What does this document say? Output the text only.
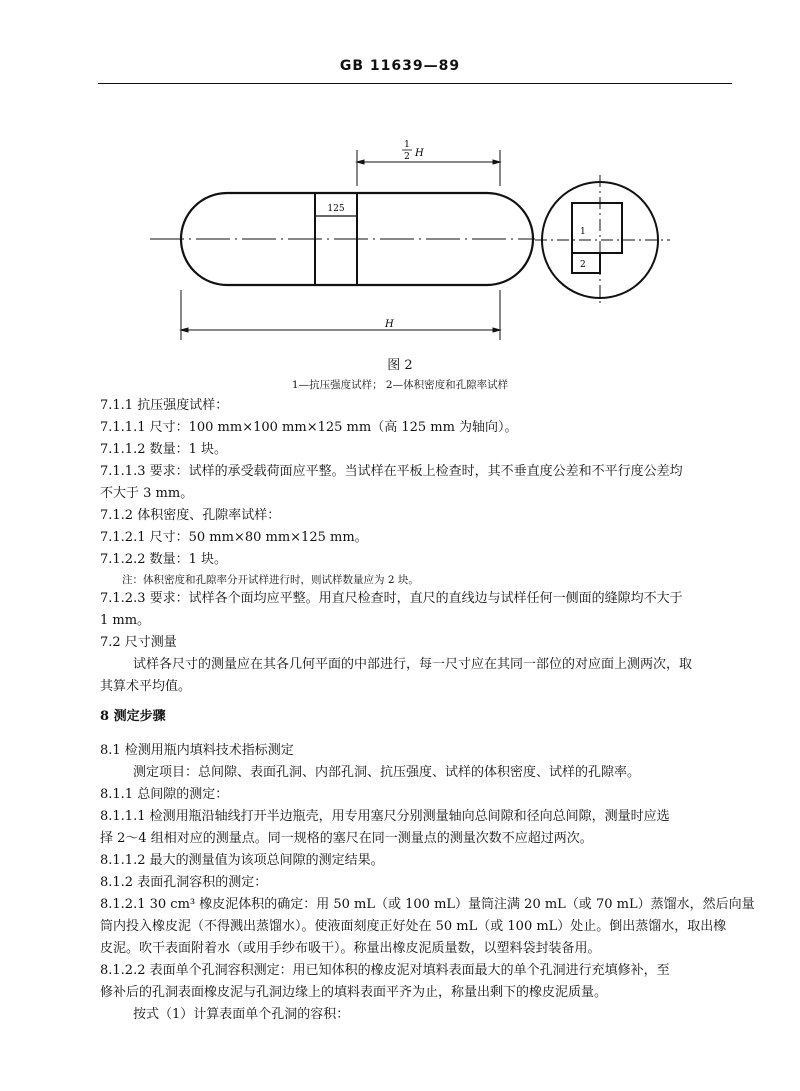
GB 11639—89
1
2 H
125
H
1
2
图 2
1—抗压强度试样； 2—体积密度和孔隙率试样
7.1.1 抗压强度试样：
7.1.1.1 尺寸：100 mm×100 mm×125 mm（高 125 mm 为轴向）。
7.1.1.2 数量：1 块。
7.1.1.3 要求：试样的承受载荷面应平整。当试样在平板上检查时，其不垂直度公差和不平行度公差均
不大于 3 mm。
7.1.2 体积密度、孔隙率试样：
7.1.2.1 尺寸：50 mm×80 mm×125 mm。
7.1.2.2 数量：1 块。
注：体积密度和孔隙率分开试样进行时，则试样数量应为 2 块。
7.1.2.3 要求：试样各个面均应平整。用直尺检查时，直尺的直线边与试样任何一侧面的缝隙均不大于
1 mm。
7.2 尺寸测量
试样各尺寸的测量应在其各几何平面的中部进行，每一尺寸应在其同一部位的对应面上测两次，取
其算术平均值。
8 测定步骤
8.1 检测用瓶内填料技术指标测定
测定项目：总间隙、表面孔洞、内部孔洞、抗压强度、试样的体积密度、试样的孔隙率。
8.1.1 总间隙的测定：
8.1.1.1 检测用瓶沿轴线打开半边瓶壳，用专用塞尺分别测量轴向总间隙和径向总间隙，测量时应选
择 2～4 组相对应的测量点。同一规格的塞尺在同一测量点的测量次数不应超过两次。
8.1.1.2 最大的测量值为该项总间隙的测定结果。
8.1.2 表面孔洞容积的测定：
8.1.2.1 30 cm³ 橡皮泥体积的确定：用 50 mL（或 100 mL）量筒注满 20 mL（或 70 mL）蒸馏水，然后向量
筒内投入橡皮泥（不得溅出蒸馏水）。使液面刻度正好处在 50 mL（或 100 mL）处止。倒出蒸馏水，取出橡
皮泥。吹干表面附着水（或用手纱布吸干）。称量出橡皮泥质量数，以塑料袋封装备用。
8.1.2.2 表面单个孔洞容积测定：用已知体积的橡皮泥对填料表面最大的单个孔洞进行充填修补，至
修补后的孔洞表面橡皮泥与孔洞边缘上的填料表面平齐为止，称量出剩下的橡皮泥质量。
按式（1）计算表面单个孔洞的容积：
